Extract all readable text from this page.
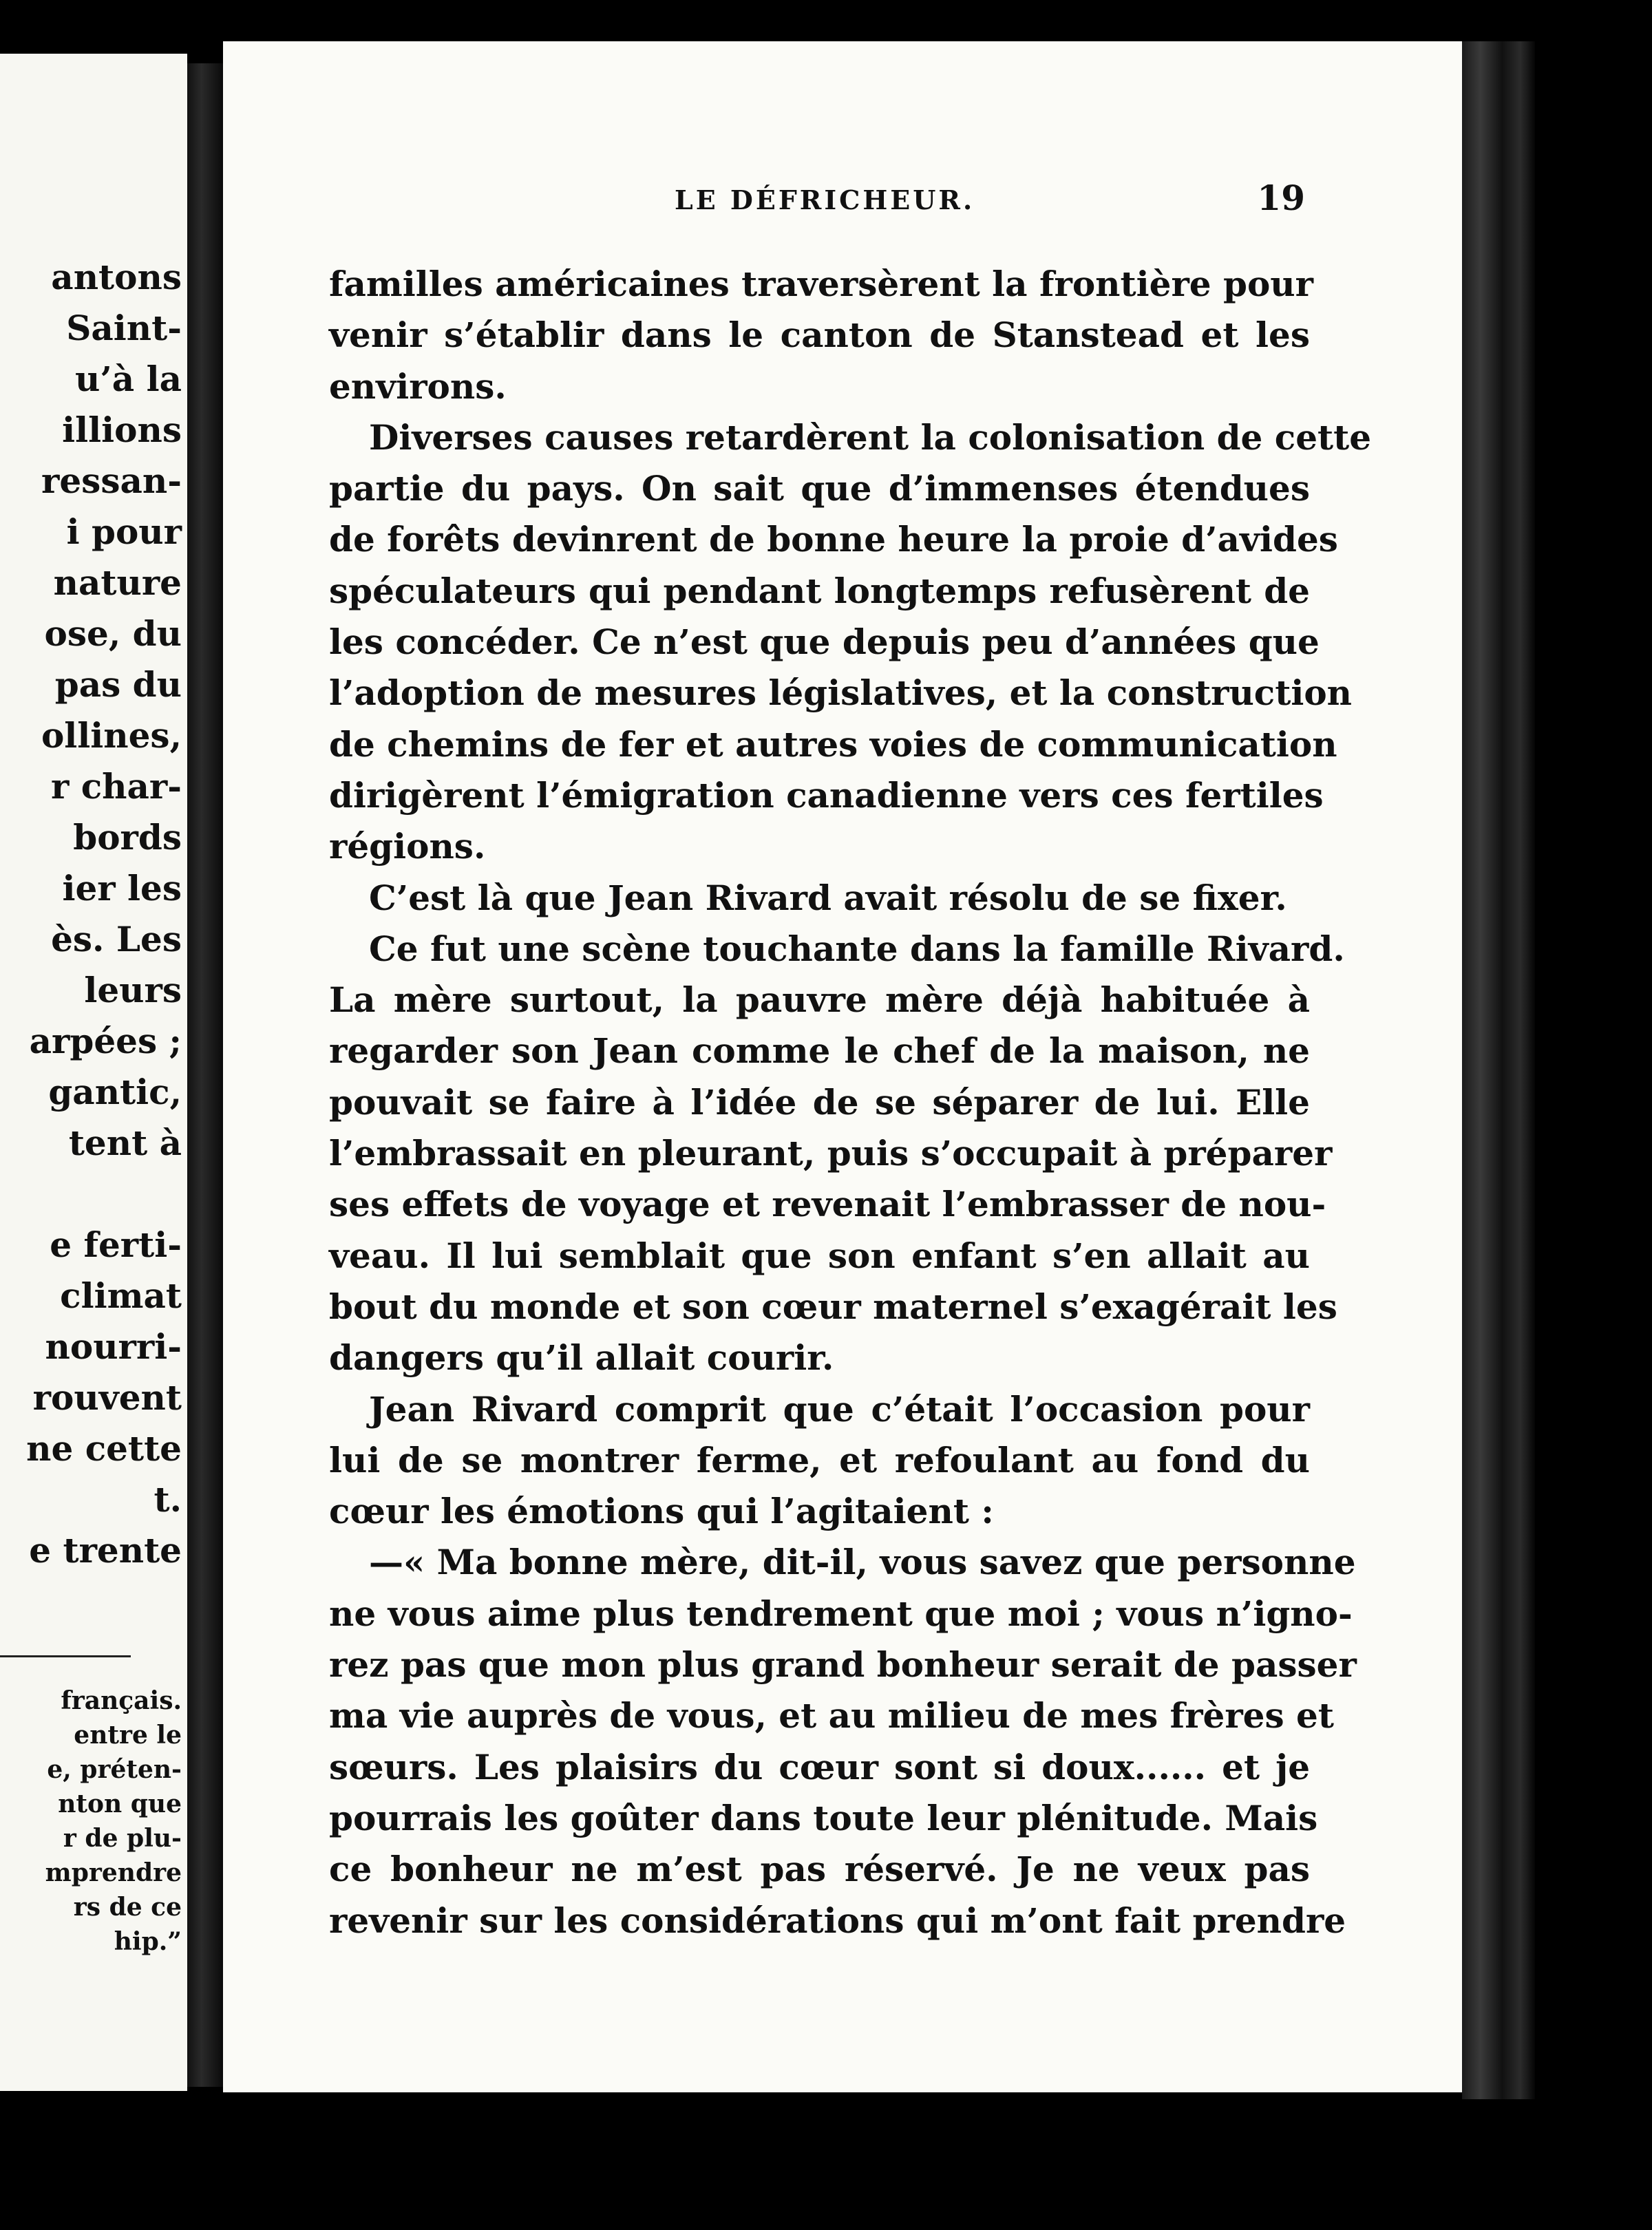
antons
Saint-
u’à la
illions
ressan-
i pour
nature
ose, du
pas du
ollines,
r char-
bords
ier les
ès. Les
leurs
arpées ;
gantic,
tent à
e ferti-
climat
nourri-
rouvent
ne cette
t.
e trente
français.
entre le
e, préten-
nton que
r de plu-
mprendre
rs de ce
hip.”
LE DÉFRICHEUR.	19
familles américaines traversèrent la frontière pour
venir s’établir dans le canton de Stanstead et les
environs.
Diverses causes retardèrent la colonisation de cette
partie du pays. On sait que d’immenses étendues
de forêts devinrent de bonne heure la proie d’avides
spéculateurs qui pendant longtemps refusèrent de
les concéder. Ce n’est que depuis peu d’années que
l’adoption de mesures législatives, et la construction
de chemins de fer et autres voies de communication
dirigèrent l’émigration canadienne vers ces fertiles
régions.
C’est là que Jean Rivard avait résolu de se fixer.
Ce fut une scène touchante dans la famille Rivard.
La mère surtout, la pauvre mère déjà habituée à
regarder son Jean comme le chef de la maison, ne
pouvait se faire à l’idée de se séparer de lui. Elle
l’embrassait en pleurant, puis s’occupait à préparer
ses effets de voyage et revenait l’embrasser de nou-
veau. Il lui semblait que son enfant s’en allait au
bout du monde et son cœur maternel s’exagérait les
dangers qu’il allait courir.
Jean Rivard comprit que c’était l’occasion pour
lui de se montrer ferme, et refoulant au fond du
cœur les émotions qui l’agitaient :
—« Ma bonne mère, dit-il, vous savez que personne
ne vous aime plus tendrement que moi ; vous n’igno-
rez pas que mon plus grand bonheur serait de passer
ma vie auprès de vous, et au milieu de mes frères et
sœurs. Les plaisirs du cœur sont si doux...... et je
pourrais les goûter dans toute leur plénitude. Mais
ce bonheur ne m’est pas réservé. Je ne veux pas
revenir sur les considérations qui m’ont fait prendre
